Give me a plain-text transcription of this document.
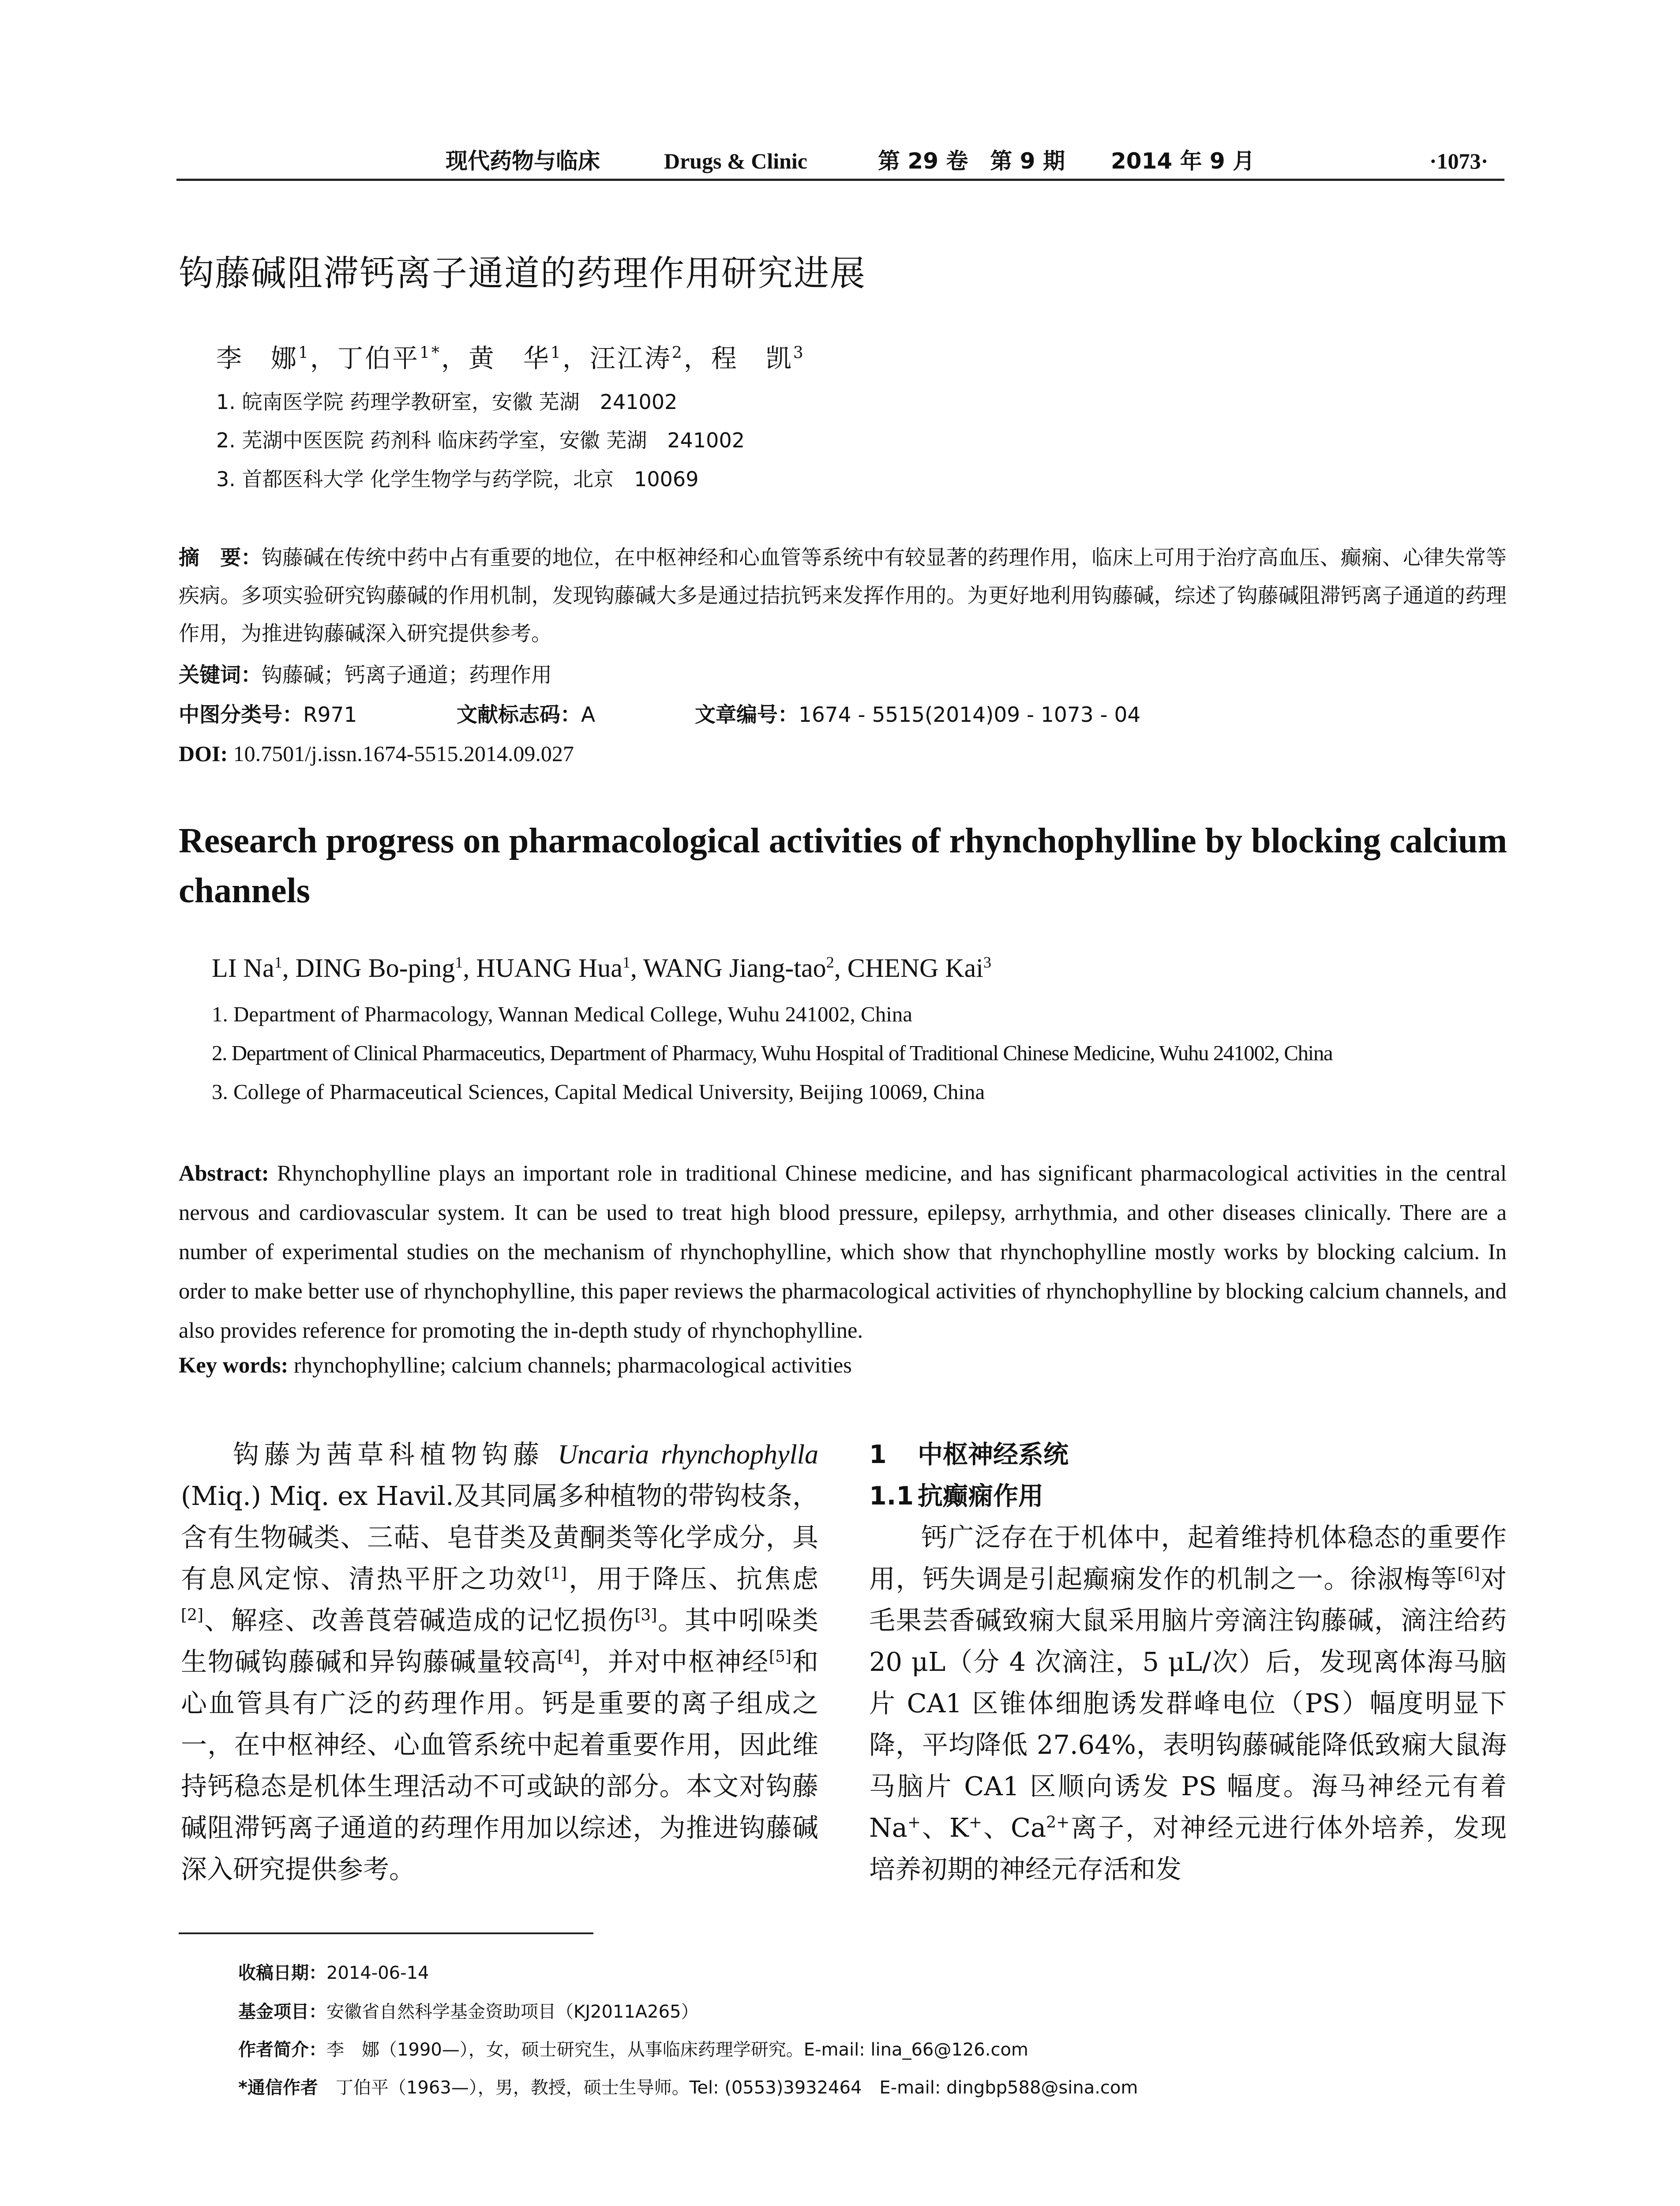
现代药物与临床	Drugs & Clinic	第 29 卷　第 9 期 2014 年 9 月	·1073·
钩藤碱阻滞钙离子通道的药理作用研究进展
李　娜$^1$，丁伯平$^{1*}$，黄　华$^1$，汪江涛$^2$，程　凯$^3$
1. 皖南医学院 药理学教研室，安徽 芜湖　241002
2. 芜湖中医医院 药剂科 临床药学室，安徽 芜湖　241002
3. 首都医科大学 化学生物学与药学院，北京　10069

摘　要：钩藤碱在传统中药中占有重要的地位，在中枢神经和心血管等系统中有较显著的药理作用，临床上可用于治疗高血压、癫痫、心律失常等疾病。多项实验研究钩藤碱的作用机制，发现钩藤碱大多是通过拮抗钙来发挥作用的。为更好地利用钩藤碱，综述了钩藤碱阻滞钙离子通道的药理作用，为推进钩藤碱深入研究提供参考。

关键词：钩藤碱；钙离子通道；药理作用

中图分类号： R971	文献标志码： A	文章编号： 1674 - 5515(2014)09 - 1073 - 04
DOI: 10.7501/j.issn.1674-5515.2014.09.027
Research progress on pharmacological activities of rhynchophylline by blocking calcium channels
LI Na$^1$, DING Bo-ping$^1$, HUANG Hua$^1$, WANG Jiang-tao$^2$, CHENG Kai$^3$
1. Department of Pharmacology, Wannan Medical College, Wuhu 241002, China
2. Department of Clinical Pharmaceutics, Department of Pharmacy, Wuhu Hospital of Traditional Chinese Medicine, Wuhu 241002, China
3. College of Pharmaceutical Sciences, Capital Medical University, Beijing 10069, China

Abstract: Rhynchophylline plays an important role in traditional Chinese medicine, and has significant pharmacological activities in the central nervous and cardiovascular system. It can be used to treat high blood pressure, epilepsy, arrhythmia, and other diseases clinically. There are a number of experimental studies on the mechanism of rhynchophylline, which show that rhynchophylline mostly works by blocking calcium. In order to make better use of rhynchophylline, this paper reviews the pharmacological activities of rhynchophylline by blocking calcium channels, and also provides reference for promoting the in-depth study of rhynchophylline.

Key words: rhynchophylline; calcium channels; pharmacological activities

钩藤为茜草科植物钩藤 Uncaria rhynchophylla (Miq.) Miq. ex Havil.及其同属多种植物的带钩枝条，含有生物碱类、三萜、皂苷类及黄酮类等化学成分，具有息风定惊、清热平肝之功效[1]，用于降压、抗焦虑[2]、解痉、改善莨菪碱造成的记忆损伤[3]。其中吲哚类生物碱钩藤碱和异钩藤碱量较高[4]，并对中枢神经[5]和心血管具有广泛的药理作用。钙是重要的离子组成之一，在中枢神经、心血管系统中起着重要作用，因此维持钙稳态是机体生理活动不可或缺的部分。本文对钩藤碱阻滞钙离子通道的药理作用加以综述，为推进钩藤碱深入研究提供参考。

1 中枢神经系统
1.1 抗癫痫作用

钙广泛存在于机体中，起着维持机体稳态的重要作用，钙失调是引起癫痫发作的机制之一。徐淑梅等[6]对毛果芸香碱致痫大鼠采用脑片旁滴注钩藤碱，滴注给药 20 μL（分 4 次滴注，5 μL/次）后，发现离体海马脑片 CA1 区锥体细胞诱发群峰电位（PS）幅度明显下降，平均降低 27.64%，表明钩藤碱能降低致痫大鼠海马脑片 CA1 区顺向诱发 PS 幅度。海马神经元有着 Na+、K+、$Ca^{2+}$离子，对神经元进行体外培养，发现培养初期的神经元存活和发

收稿日期：2014-06-14
基金项目：安徽省自然科学基金资助项目（KJ2011A265）
作者简介：李　娜（1990—），女，硕士研究生，从事临床药理学研究。E-mail: lina_66@126.com
*通信作者　丁伯平（1963—），男，教授，硕士生导师。Tel: (0553)3932464　E-mail: dingbp588@sina.com
